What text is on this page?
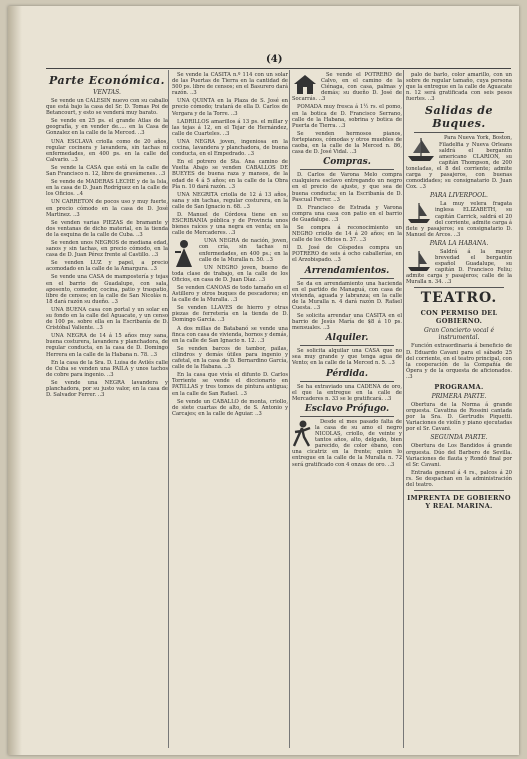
(4)
Parte Económica.
VENTAS.

Se vende un CALESIN nuevo con su caballo que está bajo la casa del Sr. D. Tomas Poi de Betancourt, y esto se venderá muy barato.

Se vende en 25 ps. el grande Atlas de la geografía, y en vender de..... en la Casa de Gonzalez en la calle de la Merced. ..3

UNA ESCLAVA criolla como de 20 años, regular cocinera y lavandera, sin tachas ni enfermedades, en 400 ps. en la calle del Calvario. ..3

Se vende la CASA que está en la calle de San Francisco n. 12, libre de gravámenes. ..3

Se vende de MADERAS LECHE y de la Isla, en la casa de D. Juan Rodríguez en la calle de los Oficios. ..4

UN CARRETON de pocos uso y muy fuerte, en precio cómodo en la casa de D. José Martinez. ..3

Se venden varias PIEZAS de bramante y dos ventanas de dicho material, en la tienda de la esquina de la calle de Cuba. ..3

Se venden unos NEGROS de mediana edad, sanos y sin tachas, en precio cómodo, en la casa de D. Juan Pérez frente al Castillo. ..3

Se venden LUZ y papel, a precio acomodado en la calle de la Amargura. ..3

Se vende una CASA de mampostería y tejas en el barrio de Guadalupe, con sala, aposento, comedor, cocina, patio y traspatio, libre de censos; en la calle de San Nicolás n. 18 dará razón su dueño. ..3

UNA BUENA casa con portal y un solar en su fondo en la calle del Aguacate, y un censo de 100 ps. sobre ella en la Escribanía de D. Cristóbal Valiente. ..3

UNA NEGRA de 14 á 15 años muy sana, buena costurera, lavandera y planchadora, de regular conducta, en la casa de D. Domingo Herrera en la calle de la Habana n. 78. ..3

En la casa de la Sra. D. Luisa de Avilés calle de Cuba se venden una PAILA y unos tachos de cobre para ingenio. ..3

Se vende una NEGRA lavandera y planchadora, por su justo valor, en la casa de D. Salvador Ferrer. ..3

Se vende la CASITA n.º 114 con un solar de las Puertas de Tierra en la cantidad de 500 ps. libre de censos; en el Basurero dará razón. ..3

UNA QUINTA en la Plaza de S. José en precio cómodo; tratará de ella D. Carlos de Vergara y de la Torre. ..3

LADRILLOS amarillos á 13 ps. el millar y las tejas á 12, en el Tejar de Hernández, calle de Cuarteles. ..3

UNA NEGRA joven, ingeniosa en la cocina, lavandera y planchadora, de buena conducta, en el Empedrado. ..3

En el potrero de Sta. Ana camino de Vuelta Abajo se venden CABALLOS DE BUEYES de buena raza y mansos, de la edad de 4 á 5 años; en la calle de la Obra Pía n. 10 dará razón. ..3

UNA NEGRITA criolla de 12 á 13 años, sana y sin tachas, regular costurera, en la calle de San Ignacio n. 68. ..3

D. Manuel de Córdova tiene en su ESCRIBANIA pública y de Provincia unos bienes raíces y una negra en venta; en la calle de Mercaderes. ..3

UNA NEGRA de nación, joven, con cría, sin tachas ni enfermedades, en 400 ps.; en la calle de la Muralla n. 50. ..3

UN NEGRO joven, bueno de toda clase de trabajo, en la calle de los Oficios, en casa de D. Juan Díaz. ..3

Se venden CANOAS de todo tamaño en el Astillero y otros buques de pescadores; en la calle de la Muralla. ..3

Se venden LLAVES de hierro y otras piezas de ferretería en la tienda de D. Domingo García. ..3

A dos millas de Batabanó se vende una finca con casa de vivienda, hornos y demás, en la calle de San Ignacio n. 12. ..3

Se venden barcos de tambor, pailas, cilindros y demás útiles para ingenio y cafetal, en la casa de D. Bernardino García, calle de la Habana. ..3

En la casa que vivía el difunto D. Carlos Torriente se vende el diccionario en PATILLAS y tres tomos de pintura antigua; en la calle de San Rafael. ..3

Se vende un CABALLO de monta, criollo, de siete cuartas de alto, de S. Antonio y Carcajes; en la calle de Aguiar. ..3

Se vende el POTRERO de Calvo, en el camino de la Ciénaga, con casa, palmas y demás; su dueño D. José de Socarrás. ..3

POMADA muy fresca á 1½ rs. el pomo, en la botica de D. Francisco Serrano, calle de la Habana, sobrina y botica de Puerta de Tierra. ..3

Se venden hermosos pianos, fortepianos, cómodas y otros muebles de caoba, en la calle de la Merced n. 86, casa de D. José Vidal. ..3

Compras.

D. Carlos de Varona Melo compra cualquiera esclavo entregando un negro en el precio de ajuste, y que sea de buena conducta; en la Escribanía de D. Pascual Ferrer. ..3

D. Francisco de Estrada y Varona compra una casa con patio en el barrio de Guadalupe. ..3

Se compra á reconocimiento un NEGRO criollo de 14 á 20 años; en la calle de los Oficios n. 37. ..3

D. José de Céspedes compra un POTRERO de seis á ocho caballerías, en el Arzobispado. ..3

Arrendamientos.

Se da en arrendamiento una hacienda en el partido de Managuá, con casa de vivienda, aguada y labranza; en la calle de la Muralla n. 4 dará razón D. Rafael Cuesta. ..3

Se solicita arrendar una CASITA en el barrio de Jesús María de $8 á 10 ps. mensuales. ..3

Alquiler.

Se solicita alquilar una CASA que no sea muy grande y que tenga agua de Vento; en la calle de la Merced n. 5. ..3

Pérdida.

Se ha extraviado una CADENA de oro, el que la entregue en la calle de Mercaderes n. 33 se le gratificará. ..3

Esclavo Prófugo.

Desde el mes pasado falta de la casa de su amo el negro NICOLAS, criollo, de veinte y tantos años, alto, delgado, bien parecido, de color ébano, con una cicatriz en la frente; quien lo entregue en la calle de la Muralla n. 72 será gratificado con 4 onzas de oro. ..3

palo de barlo, color amarillo, con un sobre de regular tamaño, cuya persona que la entregue en la calle de Aguacate n. 12 será gratificada con seis pesos fuertes. ..3

Salidas de Buques.

Para Nueva York, Boston, Filadelfia y Nueva Orleans saldrá el bergantín americano CLARION, su capitán Thompson, de 200 toneladas, el 8 del corriente; admite carga y pasajeros, con buenas comodidades; su consignatario D. Juan Cox. ..3

PARA LIVERPOOL.

La muy velera fragata inglesa ELIZABETH, su capitán Carrick, saldrá el 20 del corriente, admite carga á flete y pasajeros; su consignatario D. Manuel de Arcos. ..3

PARA LA HABANA.

Saldrá á la mayor brevedad el bergantín español Guadalupe, su capitán D. Francisco Feliu; admite carga y pasajeros; calle de la Muralla n. 34. ..3

TEATRO.
CON PERMISO DEL GOBIERNO.
Gran Concierto vocal é instrumental.

Función extraordinaria á beneficio de D. Eduardo Cavani para el sábado 25 del corriente, en el teatro principal, con la cooperación de la Compañía de Ópera y de la orquesta de aficionados. ..3

PROGRAMA.
PRIMERA PARTE.

Obertura de la Norma á grande orquesta. Cavatina de Rossini cantada por la Sra. D. Gertrudis Piquetti. Variaciones de violín y piano ejecutadas por el Sr. Cavani.

SEGUNDA PARTE.

Obertura de Los Bandidos á grande orquesta. Dúo del Barbero de Sevilla. Variaciones de flauta y Rondó final por el Sr. Cavani.

Entrada general á 4 rs., palcos á 20 rs. Se despachan en la administración del teatro.

IMPRENTA DE GOBIERNO Y REAL MARINA.
